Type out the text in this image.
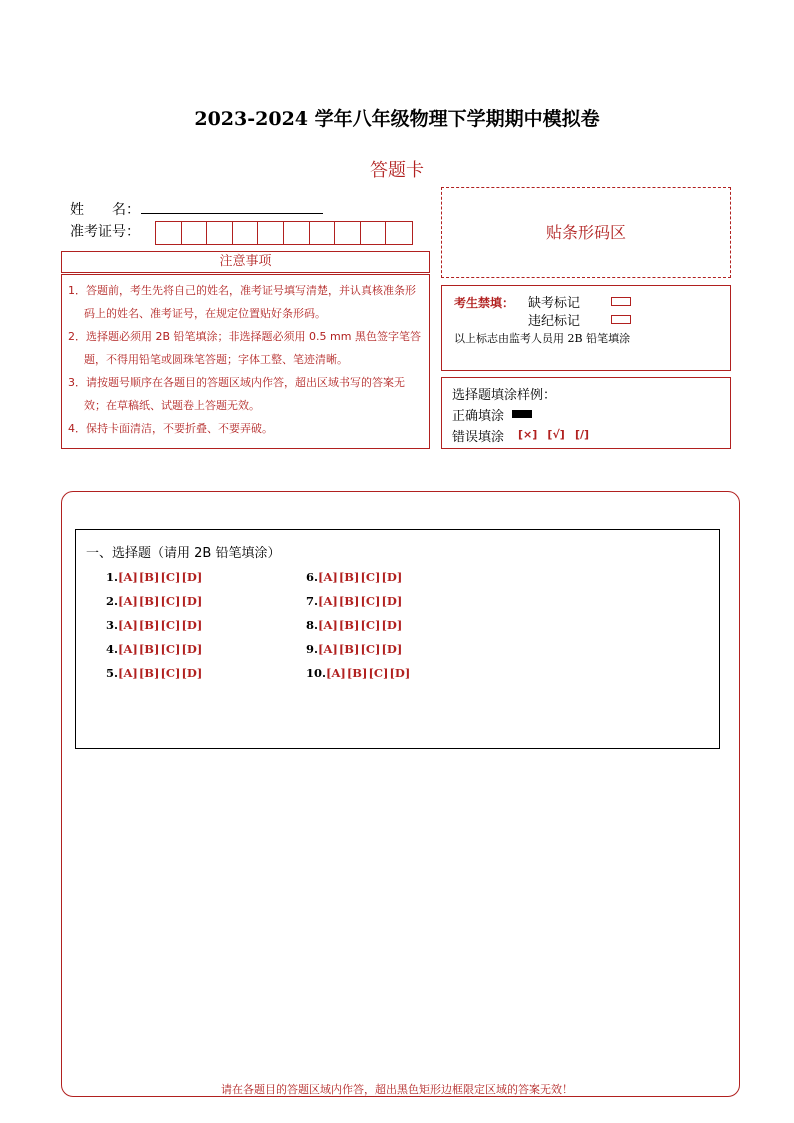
2023-2024 学年八年级物理下学期期中模拟卷
答题卡
姓　　名：
准考证号：
注意事项

1．答题前，考生先将自己的姓名，准考证号填写清楚，并认真核准条形码上的姓名、准考证号，在规定位置贴好条形码。

2．选择题必须用 2B 铅笔填涂；非选择题必须用 0.5 mm 黑色签字笔答题，不得用铅笔或圆珠笔答题；字体工整、笔迹清晰。

3．请按题号顺序在各题目的答题区域内作答，超出区域书写的答案无效；在草稿纸、试题卷上答题无效。

4．保持卡面清洁，不要折叠、不要弄破。

贴条形码区
考生禁填： 缺考标记
违纪标记
以上标志由监考人员用 2B 铅笔填涂
选择题填涂样例：
正确填涂
错误填涂	[×] [√] [/]
一、选择题（请用 2B 铅笔填涂）
1.[A][B][C][D]
2.[A][B][C][D]
3.[A][B][C][D]
4.[A][B][C][D]
5.[A][B][C][D]
6.[A][B][C][D]
7.[A][B][C][D]
8.[A][B][C][D]
9.[A][B][C][D]
10.[A][B][C][D]
请在各题目的答题区域内作答，超出黑色矩形边框限定区域的答案无效！
